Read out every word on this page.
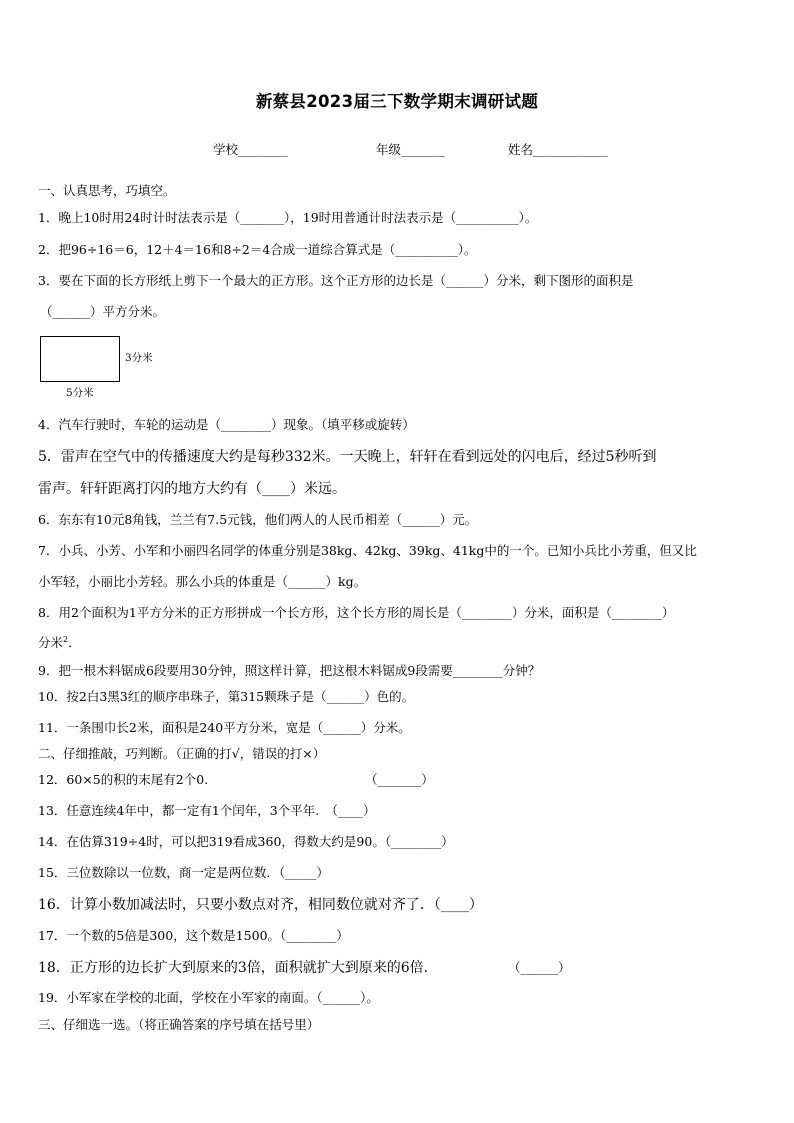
新蔡县2023届三下数学期末调研试题
学校________	年级_______	姓名____________
一、认真思考，巧填空。
1．晚上10时用24时计时法表示是（_______），19时用普通计时法表示是（__________）。
2．把96÷16＝6，12＋4＝16和8÷2＝4合成一道综合算式是（__________）。
3．要在下面的长方形纸上剪下一个最大的正方形。这个正方形的边长是（______）分米，剩下图形的面积是
（______）平方分米。
3分米
5分米
4．汽车行驶时，车轮的运动是（________）现象。（填平移或旋转）
5．雷声在空气中的传播速度大约是每秒332米。一天晚上，轩轩在看到远处的闪电后，经过5秒听到
雷声。轩轩距离打闪的地方大约有（____）米远。
6．东东有10元8角钱，兰兰有7.5元钱，他们两人的人民币相差（______）元。
7．小兵、小芳、小军和小丽四名同学的体重分别是38kg、42kg、39kg、41kg中的一个。已知小兵比小芳重，但又比
小军轻，小丽比小芳轻。那么小兵的体重是（______）kg。
8．用2个面积为1平方分米的正方形拼成一个长方形，这个长方形的周长是（________）分米，面积是（________）
分米$^2$．
9．把一根木料锯成6段要用30分钟，照这样计算，把这根木料锯成9段需要________分钟？
10．按2白3黑3红的顺序串珠子，第315颗珠子是（______）色的。
11．一条围巾长2米，面积是240平方分米，宽是（______）分米。
二、仔细推敲，巧判断。（正确的打√，错误的打×）
12．60×5的积的末尾有2个0.	（_______）
13．任意连续4年中，都一定有1个闰年，3个平年.　（____）
14．在估算319÷4时，可以把319看成360，得数大约是90。（________）
15．三位数除以一位数，商一定是两位数．（_____）
16．计算小数加减法时，只要小数点对齐，相同数位就对齐了．（____）
17．一个数的5倍是300，这个数是1500。（________）
18．正方形的边长扩大到原来的3倍，面积就扩大到原来的6倍．	（______）
19．小军家在学校的北面，学校在小军家的南面。（______）。
三、仔细选一选。（将正确答案的序号填在括号里）
